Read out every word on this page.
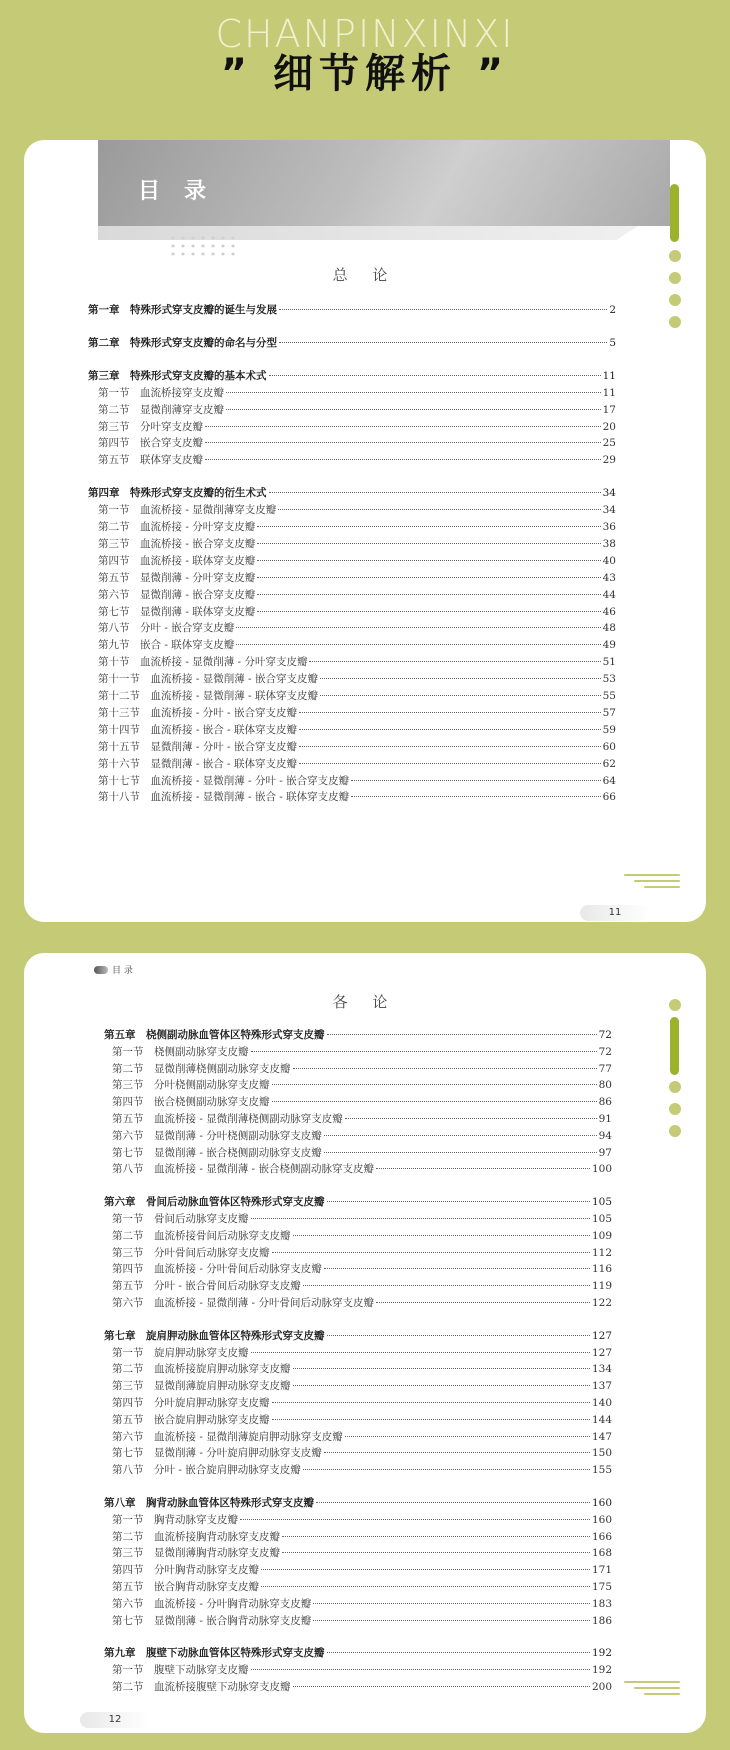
CHANPINXINXI
” 细节解析 ”
目录
总 论
第一章　特殊形式穿支皮瓣的诞生与发展	2
第二章　特殊形式穿支皮瓣的命名与分型	5
第三章　特殊形式穿支皮瓣的基本术式	11
第一节　血流桥接穿支皮瓣	11
第二节　显微削薄穿支皮瓣	17
第三节　分叶穿支皮瓣	20
第四节　嵌合穿支皮瓣	25
第五节　联体穿支皮瓣	29
第四章　特殊形式穿支皮瓣的衍生术式	34
第一节　血流桥接 - 显微削薄穿支皮瓣	34
第二节　血流桥接 - 分叶穿支皮瓣	36
第三节　血流桥接 - 嵌合穿支皮瓣	38
第四节　血流桥接 - 联体穿支皮瓣	40
第五节　显微削薄 - 分叶穿支皮瓣	43
第六节　显微削薄 - 嵌合穿支皮瓣	44
第七节　显微削薄 - 联体穿支皮瓣	46
第八节　分叶 - 嵌合穿支皮瓣	48
第九节　嵌合 - 联体穿支皮瓣	49
第十节　血流桥接 - 显微削薄 - 分叶穿支皮瓣	51
第十一节　血流桥接 - 显微削薄 - 嵌合穿支皮瓣	53
第十二节　血流桥接 - 显微削薄 - 联体穿支皮瓣	55
第十三节　血流桥接 - 分叶 - 嵌合穿支皮瓣	57
第十四节　血流桥接 - 嵌合 - 联体穿支皮瓣	59
第十五节　显微削薄 - 分叶 - 嵌合穿支皮瓣	60
第十六节　显微削薄 - 嵌合 - 联体穿支皮瓣	62
第十七节　血流桥接 - 显微削薄 - 分叶 - 嵌合穿支皮瓣	64
第十八节　血流桥接 - 显微削薄 - 嵌合 - 联体穿支皮瓣	66
11
目 录
各 论
第五章　桡侧副动脉血管体区特殊形式穿支皮瓣	72
第一节　桡侧副动脉穿支皮瓣	72
第二节　显微削薄桡侧副动脉穿支皮瓣	77
第三节　分叶桡侧副动脉穿支皮瓣	80
第四节　嵌合桡侧副动脉穿支皮瓣	86
第五节　血流桥接 - 显微削薄桡侧副动脉穿支皮瓣	91
第六节　显微削薄 - 分叶桡侧副动脉穿支皮瓣	94
第七节　显微削薄 - 嵌合桡侧副动脉穿支皮瓣	97
第八节　血流桥接 - 显微削薄 - 嵌合桡侧副动脉穿支皮瓣	100
第六章　骨间后动脉血管体区特殊形式穿支皮瓣	105
第一节　骨间后动脉穿支皮瓣	105
第二节　血流桥接骨间后动脉穿支皮瓣	109
第三节　分叶骨间后动脉穿支皮瓣	112
第四节　血流桥接 - 分叶骨间后动脉穿支皮瓣	116
第五节　分叶 - 嵌合骨间后动脉穿支皮瓣	119
第六节　血流桥接 - 显微削薄 - 分叶骨间后动脉穿支皮瓣	122
第七章　旋肩胛动脉血管体区特殊形式穿支皮瓣	127
第一节　旋肩胛动脉穿支皮瓣	127
第二节　血流桥接旋肩胛动脉穿支皮瓣	134
第三节　显微削薄旋肩胛动脉穿支皮瓣	137
第四节　分叶旋肩胛动脉穿支皮瓣	140
第五节　嵌合旋肩胛动脉穿支皮瓣	144
第六节　血流桥接 - 显微削薄旋肩胛动脉穿支皮瓣	147
第七节　显微削薄 - 分叶旋肩胛动脉穿支皮瓣	150
第八节　分叶 - 嵌合旋肩胛动脉穿支皮瓣	155
第八章　胸背动脉血管体区特殊形式穿支皮瓣	160
第一节　胸背动脉穿支皮瓣	160
第二节　血流桥接胸背动脉穿支皮瓣	166
第三节　显微削薄胸背动脉穿支皮瓣	168
第四节　分叶胸背动脉穿支皮瓣	171
第五节　嵌合胸背动脉穿支皮瓣	175
第六节　血流桥接 - 分叶胸背动脉穿支皮瓣	183
第七节　显微削薄 - 嵌合胸背动脉穿支皮瓣	186
第九章　腹壁下动脉血管体区特殊形式穿支皮瓣	192
第一节　腹壁下动脉穿支皮瓣	192
第二节　血流桥接腹壁下动脉穿支皮瓣	200
12
